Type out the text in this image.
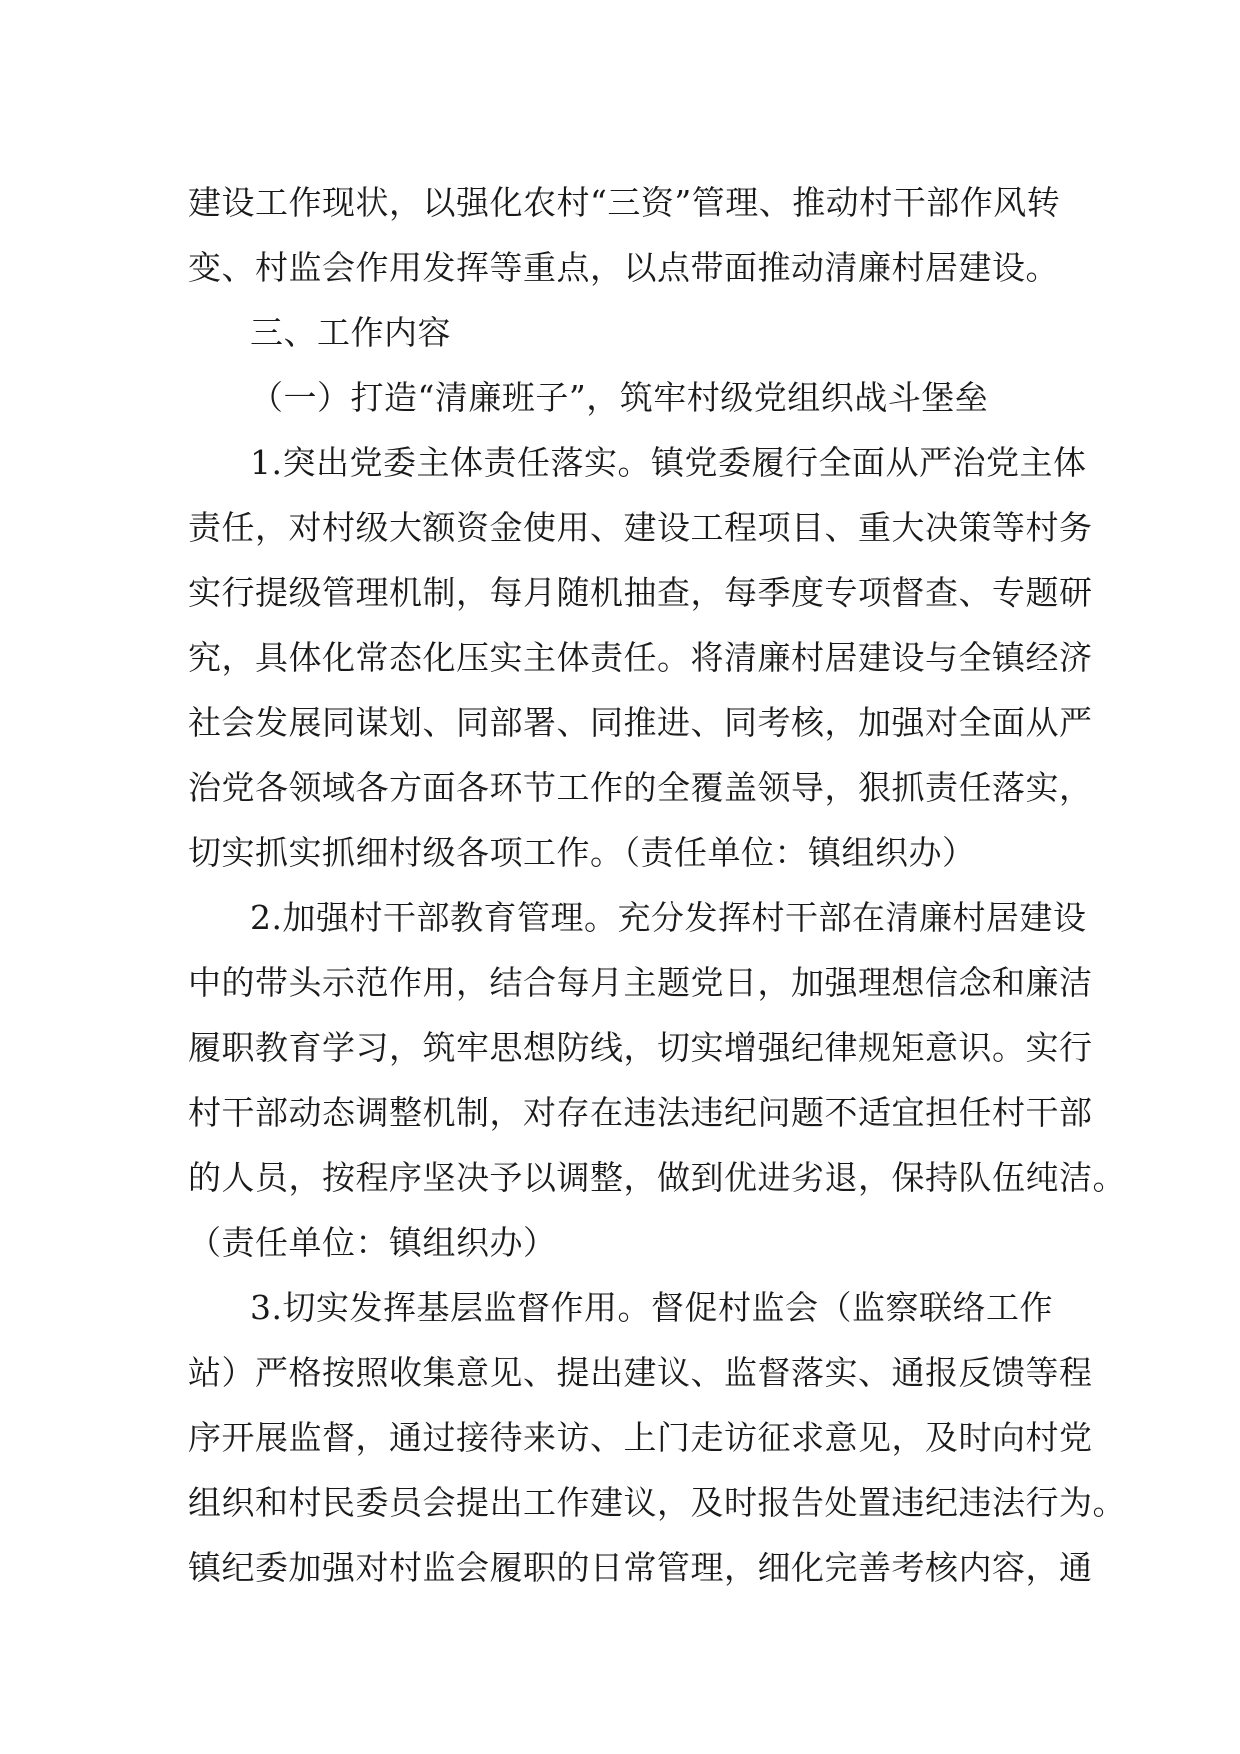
建设工作现状，以强化农村“三资”管理、推动村干部作风转
变、村监会作用发挥等重点，以点带面推动清廉村居建设。
三、工作内容
（一）打造“清廉班子”，筑牢村级党组织战斗堡垒
1.突出党委主体责任落实。镇党委履行全面从严治党主体
责任，对村级大额资金使用、建设工程项目、重大决策等村务
实行提级管理机制，每月随机抽查，每季度专项督查、专题研
究，具体化常态化压实主体责任。将清廉村居建设与全镇经济
社会发展同谋划、同部署、同推进、同考核，加强对全面从严
治党各领域各方面各环节工作的全覆盖领导，狠抓责任落实，
切实抓实抓细村级各项工作。（责任单位：镇组织办）
2.加强村干部教育管理。充分发挥村干部在清廉村居建设
中的带头示范作用，结合每月主题党日，加强理想信念和廉洁
履职教育学习，筑牢思想防线，切实增强纪律规矩意识。实行
村干部动态调整机制，对存在违法违纪问题不适宜担任村干部
的人员，按程序坚决予以调整，做到优进劣退，保持队伍纯洁。
（责任单位：镇组织办）
3.切实发挥基层监督作用。督促村监会（监察联络工作
站）严格按照收集意见、提出建议、监督落实、通报反馈等程
序开展监督，通过接待来访、上门走访征求意见，及时向村党
组织和村民委员会提出工作建议，及时报告处置违纪违法行为。
镇纪委加强对村监会履职的日常管理，细化完善考核内容，通
